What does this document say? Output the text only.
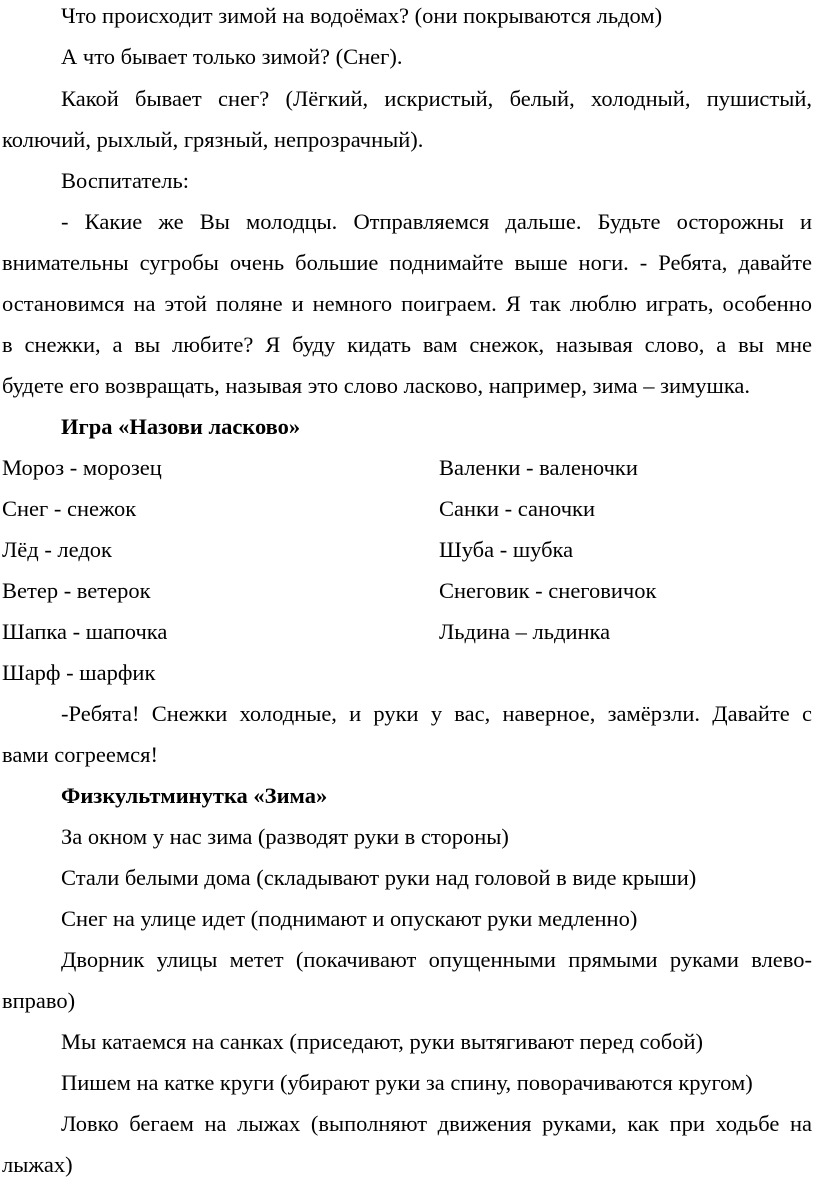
Что происходит зимой на водоёмах? (они покрываются льдом)
А что бывает только зимой? (Снег).
Какой бывает снег? (Лёгкий, искристый, белый, холодный, пушистый,
колючий, рыхлый, грязный, непрозрачный).
Воспитатель:
- Какие же Вы молодцы. Отправляемся дальше. Будьте осторожны и
внимательны сугробы очень большие поднимайте выше ноги. - Ребята, давайте
остановимся на этой поляне и немного поиграем. Я так люблю играть, особенно
в снежки, а вы любите? Я буду кидать вам снежок, называя слово, а вы мне
будете его возвращать, называя это слово ласково, например, зима – зимушка.
Игра «Назови ласково»
Мороз - морозец	Валенки - валеночки
Снег - снежок	Санки - саночки
Лёд - ледок	Шуба - шубка
Ветер - ветерок	Снеговик - снеговичок
Шапка - шапочка	Льдина – льдинка
Шарф - шарфик
-Ребята! Снежки холодные, и руки у вас, наверное, замёрзли. Давайте с
вами согреемся!
Физкультминутка «Зима»
За окном у нас зима (разводят руки в стороны)
Стали белыми дома (складывают руки над головой в виде крыши)
Снег на улице идет (поднимают и опускают руки медленно)
Дворник улицы метет (покачивают опущенными прямыми руками влево-
вправо)
Мы катаемся на санках (приседают, руки вытягивают перед собой)
Пишем на катке круги (убирают руки за спину, поворачиваются кругом)
Ловко бегаем на лыжах (выполняют движения руками, как при ходьбе на
лыжах)
